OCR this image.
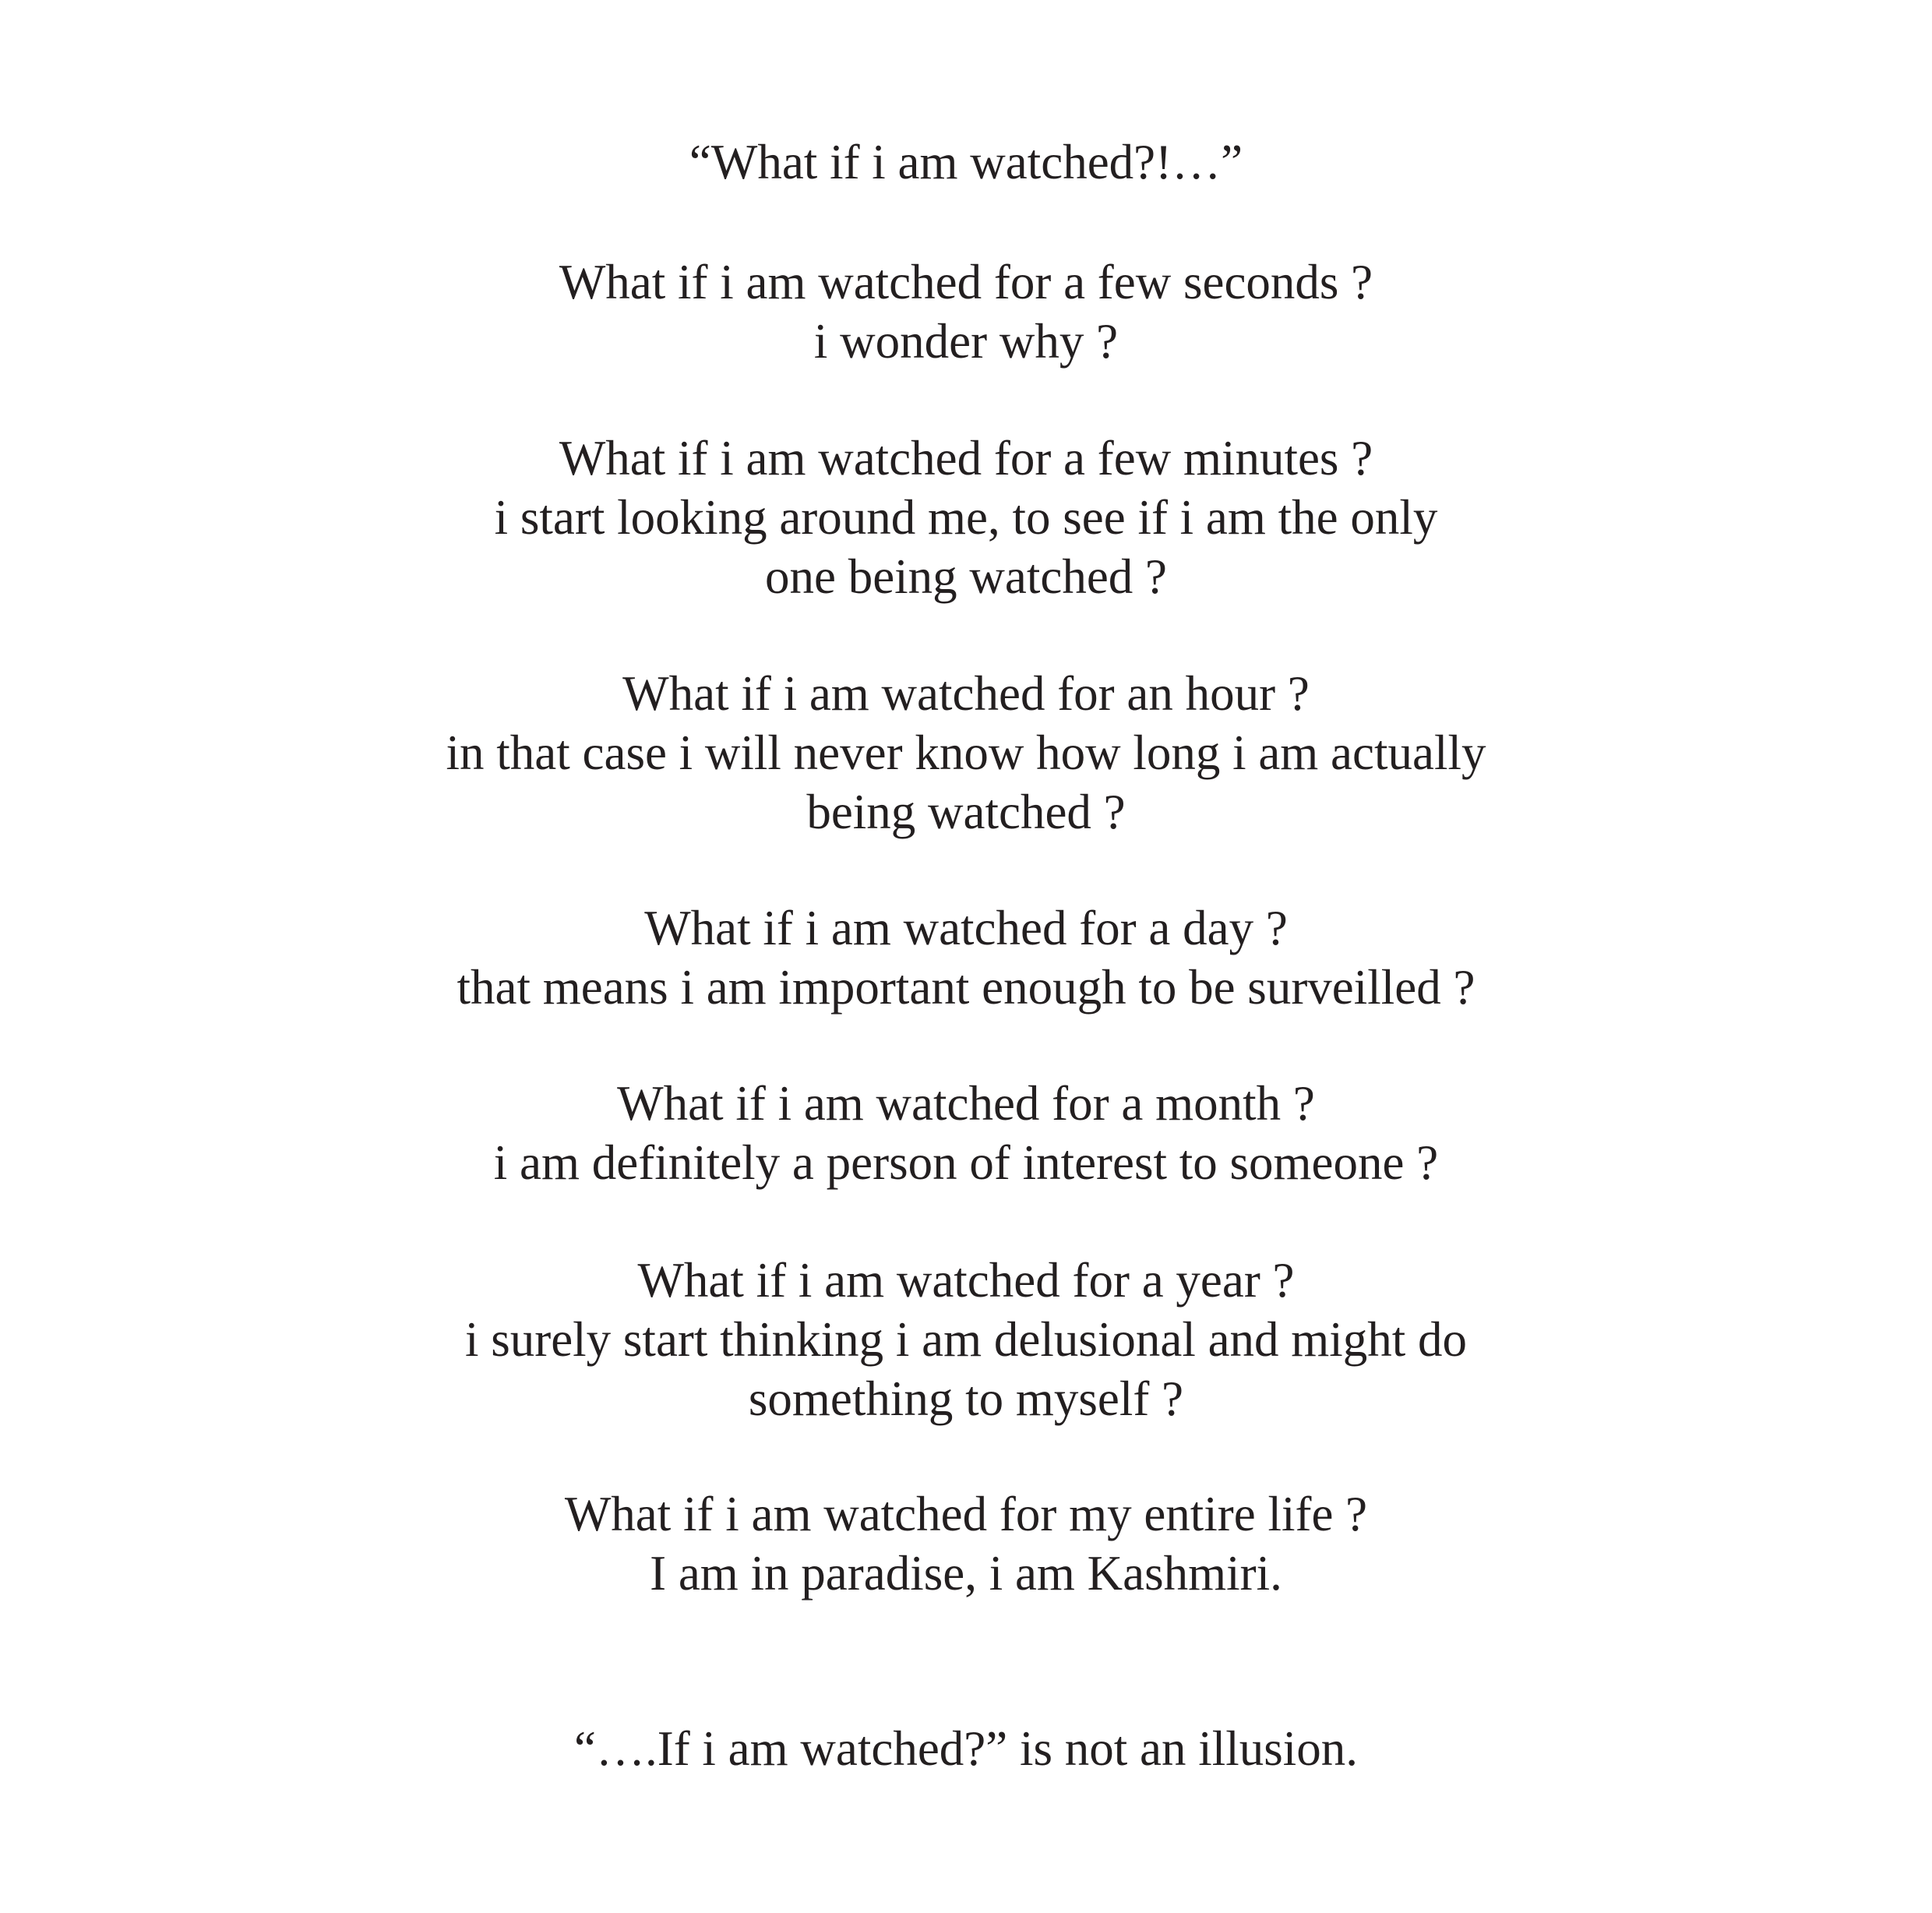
“What if i am watched?!…”
What if i am watched for a few seconds ?
i wonder why ?
What if i am watched for a few minutes ?
i start looking around me, to see if i am the only
one being watched ?
What if i am watched for an hour ?
in that case i will never know how long i am actually
being watched ?
What if i am watched for a day ?
that means i am important enough to be surveilled ?
What if i am watched for a month ?
i am definitely a person of interest to someone ?
What if i am watched for a year ?
i surely start thinking i am delusional and might do
something to myself ?
What if i am watched for my entire life ?
I am in paradise, i am Kashmiri.
“….If i am watched?” is not an illusion.
